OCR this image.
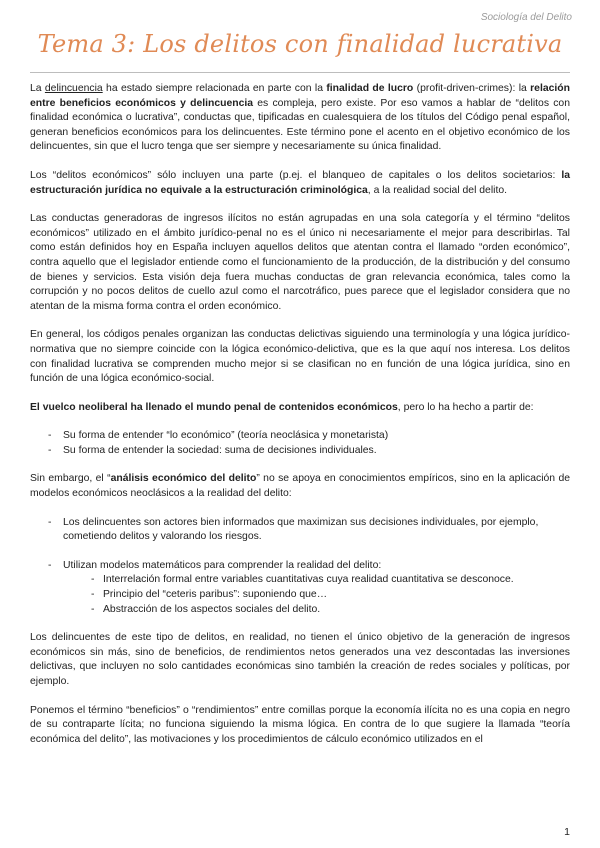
Sociología del Delito
Tema 3: Los delitos con finalidad lucrativa

La delincuencia ha estado siempre relacionada en parte con la finalidad de lucro (profit-driven-crimes): la relación entre beneficios económicos y delincuencia es compleja, pero existe. Por eso vamos a hablar de “delitos con finalidad económica o lucrativa”, conductas que, tipificadas en cualesquiera de los títulos del Código penal español, generan beneficios económicos para los delincuentes. Este término pone el acento en el objetivo económico de los delincuentes, sin que el lucro tenga que ser siempre y necesariamente su única finalidad.

Los “delitos económicos” sólo incluyen una parte (p.ej. el blanqueo de capitales o los delitos societarios: la estructuración jurídica no equivale a la estructuración criminológica, a la realidad social del delito.

Las conductas generadoras de ingresos ilícitos no están agrupadas en una sola categoría y el término “delitos económicos” utilizado en el ámbito jurídico-penal no es el único ni necesariamente el mejor para describirlas. Tal como están definidos hoy en España incluyen aquellos delitos que atentan contra el llamado “orden económico”, contra aquello que el legislador entiende como el funcionamiento de la producción, de la distribución y del consumo de bienes y servicios. Esta visión deja fuera muchas conductas de gran relevancia económica, tales como la corrupción y no pocos delitos de cuello azul como el narcotráfico, pues parece que el legislador considera que no atentan de la misma forma contra el orden económico.

En general, los códigos penales organizan las conductas delictivas siguiendo una terminología y una lógica jurídico-normativa que no siempre coincide con la lógica económico-delictiva, que es la que aquí nos interesa. Los delitos con finalidad lucrativa se comprenden mucho mejor si se clasifican no en función de una lógica jurídica, sino en función de una lógica económico-social.

El vuelco neoliberal ha llenado el mundo penal de contenidos económicos, pero lo ha hecho a partir de:

- Su forma de entender “lo económico” (teoría neoclásica y monetarista)
- Su forma de entender la sociedad: suma de decisiones individuales.

Sin embargo, el “análisis económico del delito” no se apoya en conocimientos empíricos, sino en la aplicación de modelos económicos neoclásicos a la realidad del delito:

- Los delincuentes son actores bien informados que maximizan sus decisiones individuales, por ejemplo, cometiendo delitos y valorando los riesgos.
- Utilizan modelos matemáticos para comprender la realidad del delito:
- Interrelación formal entre variables cuantitativas cuya realidad cuantitativa se desconoce.
- Principio del “ceteris paribus”: suponiendo que…
- Abstracción de los aspectos sociales del delito.

Los delincuentes de este tipo de delitos, en realidad, no tienen el único objetivo de la generación de ingresos económicos sin más, sino de beneficios, de rendimientos netos generados una vez descontadas las inversiones delictivas, que incluyen no solo cantidades económicas sino también la creación de redes sociales y políticas, por ejemplo.

Ponemos el término “beneficios” o “rendimientos” entre comillas porque la economía ilícita no es una copia en negro de su contraparte lícita; no funciona siguiendo la misma lógica. En contra de lo que sugiere la llamada “teoría económica del delito”, las motivaciones y los procedimientos de cálculo económico utilizados en el

1
